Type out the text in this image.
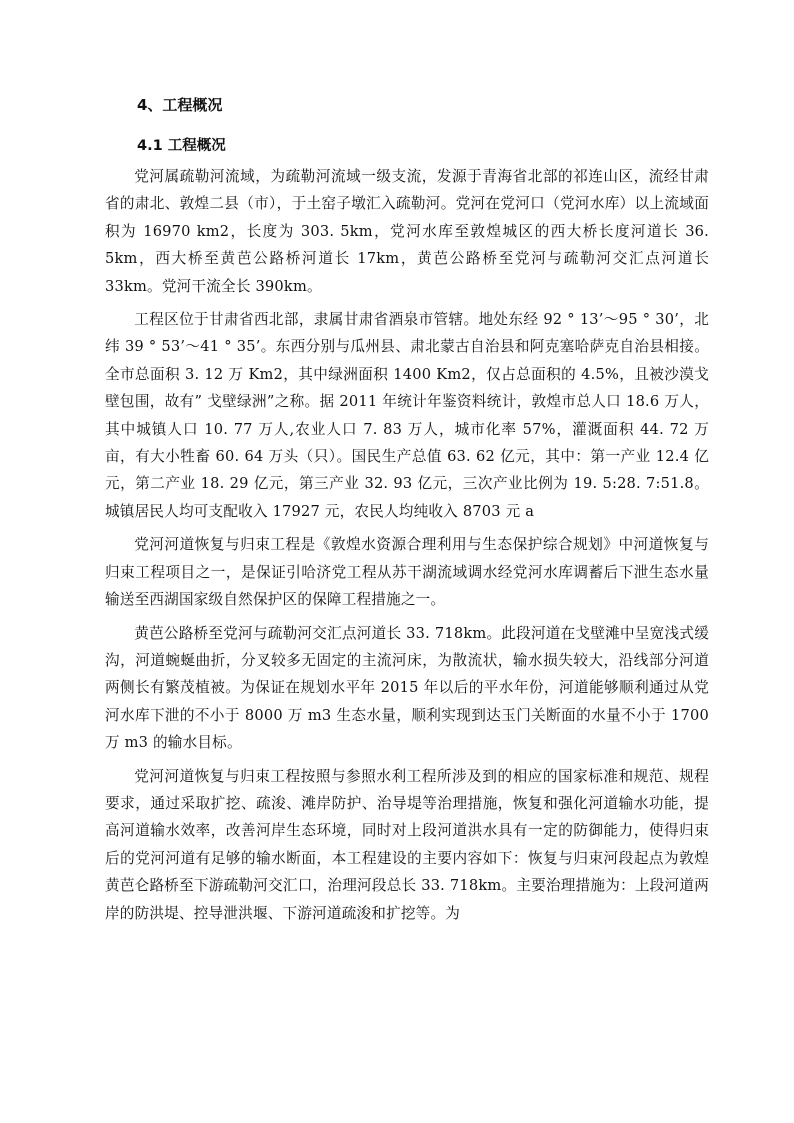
4、工程概况
4.1 工程概况

党河属疏勒河流域，为疏勒河流域一级支流，发源于青海省北部的祁连山区，流经甘肃省的肃北、敦煌二县（市），于土窑子墩汇入疏勒河。党河在党河口（党河水库）以上流域面积为 16970 km2，长度为 303. 5km，党河水库至敦煌城区的西大桥长度河道长 36. 5km，西大桥至黄芭公路桥河道长 17km，黄芭公路桥至党河与疏勒河交汇点河道长 33km。党河干流全长 390km。

工程区位于甘肃省西北部，隶属甘肃省酒泉市管辖。地处东经 92 ° 13’～95 ° 30’，北纬 39 ° 53’～41 ° 35’。东西分别与瓜州县、肃北蒙古自治县和阿克塞哈萨克自治县相接。全市总面积 3. 12 万 Km2，其中绿洲面积 1400 Km2，仅占总面积的 4.5%，且被沙漠戈壁包围，故有” 戈壁绿洲”之称。据 2011 年统计年鉴资料统计，敦煌市总人口 18.6 万人，其中城镇人口 10. 77 万人,农业人口 7. 83 万人，城市化率 57%，灌溉面积 44. 72 万亩，有大小牲畜 60. 64 万头（只）。国民生产总值 63. 62 亿元，其中：第一产业 12.4 亿元，第二产业 18. 29 亿元，第三产业 32. 93 亿元，三次产业比例为 19. 5:28. 7:51.8。城镇居民人均可支配收入 17927 元，农民人均纯收入 8703 元 a

党河河道恢复与归束工程是《敦煌水资源合理利用与生态保护综合规划》中河道恢复与归束工程项目之一，是保证引哈济党工程从苏干湖流域调水经党河水库调蓄后下泄生态水量输送至西湖国家级自然保护区的保障工程措施之一。

黄芭公路桥至党河与疏勒河交汇点河道长 33. 718km。此段河道在戈壁滩中呈宽浅式缓沟，河道蜿蜒曲折，分叉较多无固定的主流河床，为散流状，输水损失较大，沿线部分河道两侧长有繁茂植被。为保证在规划水平年 2015 年以后的平水年份，河道能够顺利通过从党河水库下泄的不小于 8000 万 m3 生态水量，顺利实现到达玉门关断面的水量不小于 1700 万 m3 的输水目标。

党河河道恢复与归束工程按照与参照水利工程所涉及到的相应的国家标准和规范、规程要求，通过采取扩挖、疏浚、滩岸防护、治导堤等治理措施，恢复和强化河道输水功能，提高河道输水效率，改善河岸生态环境，同时对上段河道洪水具有一定的防御能力，使得归束后的党河河道有足够的输水断面，本工程建设的主要内容如下：恢复与归束河段起点为敦煌黄芭仑路桥至下游疏勒河交汇口，治理河段总长 33. 718km。主要治理措施为：上段河道两岸的防洪堤、控导泄洪堰、下游河道疏浚和扩挖等。为
